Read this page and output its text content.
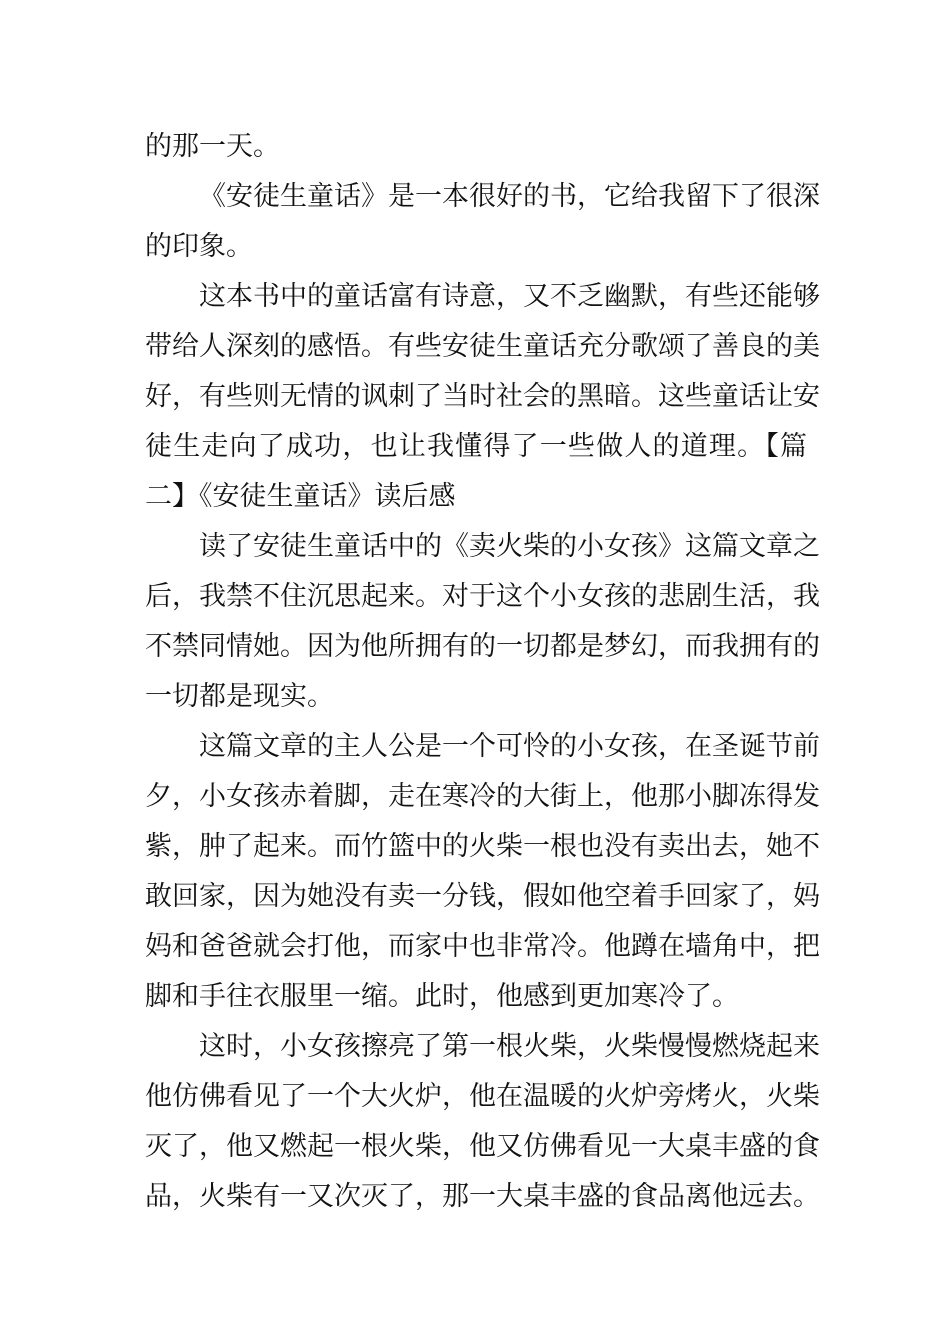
的那一天。
《安徒生童话》是一本很好的书，它给我留下了很深
的印象。
这本书中的童话富有诗意，又不乏幽默，有些还能够
带给人深刻的感悟。有些安徒生童话充分歌颂了善良的美
好，有些则无情的讽刺了当时社会的黑暗。这些童话让安
徒生走向了成功，也让我懂得了一些做人的道理。【篇
二】《安徒生童话》读后感
读了安徒生童话中的《卖火柴的小女孩》这篇文章之
后，我禁不住沉思起来。对于这个小女孩的悲剧生活，我
不禁同情她。因为他所拥有的一切都是梦幻，而我拥有的
一切都是现实。
这篇文章的主人公是一个可怜的小女孩，在圣诞节前
夕，小女孩赤着脚，走在寒冷的大街上，他那小脚冻得发
紫，肿了起来。而竹篮中的火柴一根也没有卖出去，她不
敢回家，因为她没有卖一分钱，假如他空着手回家了，妈
妈和爸爸就会打他，而家中也非常冷。他蹲在墙角中，把
脚和手往衣服里一缩。此时，他感到更加寒冷了。
这时，小女孩擦亮了第一根火柴，火柴慢慢燃烧起来
他仿佛看见了一个大火炉，他在温暖的火炉旁烤火，火柴
灭了，他又燃起一根火柴，他又仿佛看见一大桌丰盛的食
品，火柴有一又次灭了，那一大桌丰盛的食品离他远去。
